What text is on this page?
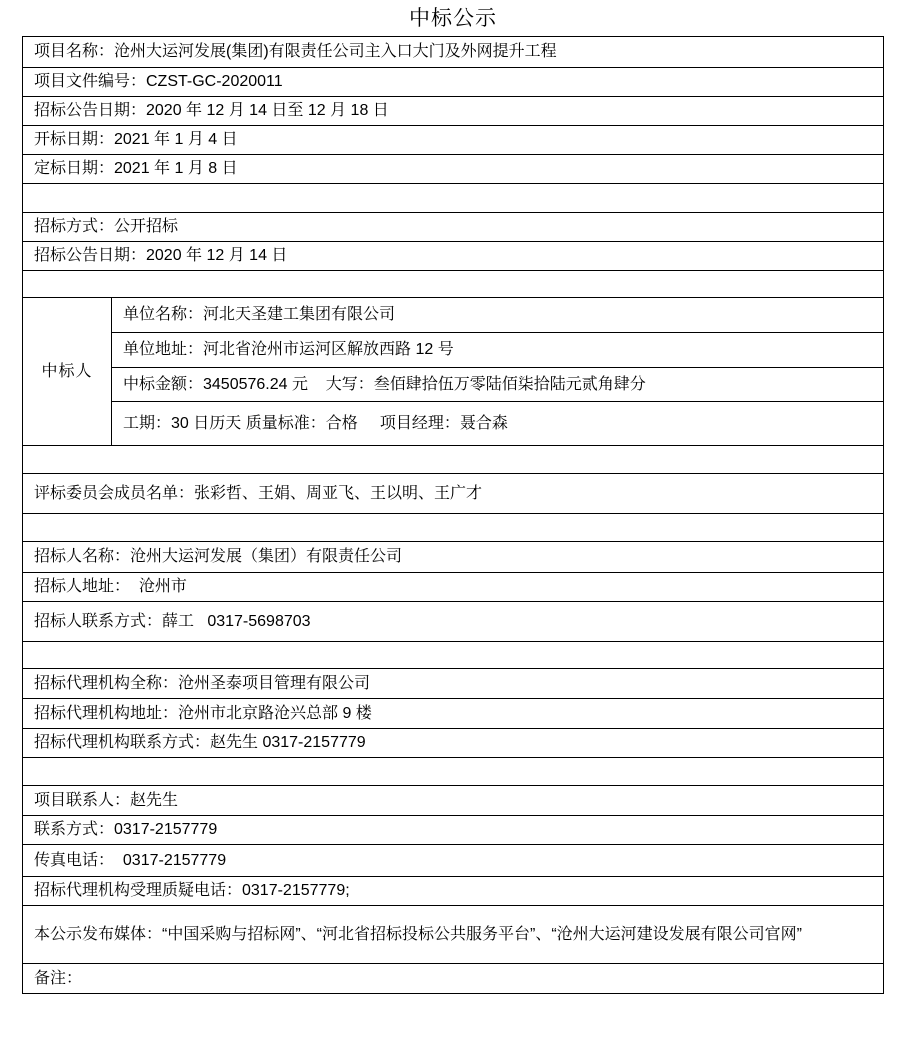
中标公示
项目名称：沧州大运河发展(集团)有限责任公司主入口大门及外网提升工程
项目文件编号：CZST-GC-2020011
招标公告日期：2020 年 12 月 14 日至 12 月 18 日
开标日期：2021 年 1 月 4 日
定标日期：2021 年 1 月 8 日

招标方式：公开招标
招标公告日期：2020 年 12 月 14 日

中标人	单位名称：河北天圣建工集团有限公司
单位地址：河北省沧州市运河区解放西路 12 号
中标金额：3450576.24 元    大写：叁佰肆拾伍万零陆佰柒拾陆元贰角肆分
工期：30 日历天 质量标准：合格     项目经理：聂合森

评标委员会成员名单：张彩哲、王娟、周亚飞、王以明、王广才

招标人名称：沧州大运河发展（集团）有限责任公司
招标人地址：  沧州市
招标人联系方式：薛工   0317-5698703

招标代理机构全称：沧州圣泰项目管理有限公司
招标代理机构地址：沧州市北京路沧兴总部 9 楼
招标代理机构联系方式：赵先生 0317-2157779

项目联系人：赵先生
联系方式：0317-2157779
传真电话：  0317-2157779
招标代理机构受理质疑电话：0317-2157779;
本公示发布媒体：“中国采购与招标网”、“河北省招标投标公共服务平台”、“沧州大运河建设发展有限公司官网”
备注：
